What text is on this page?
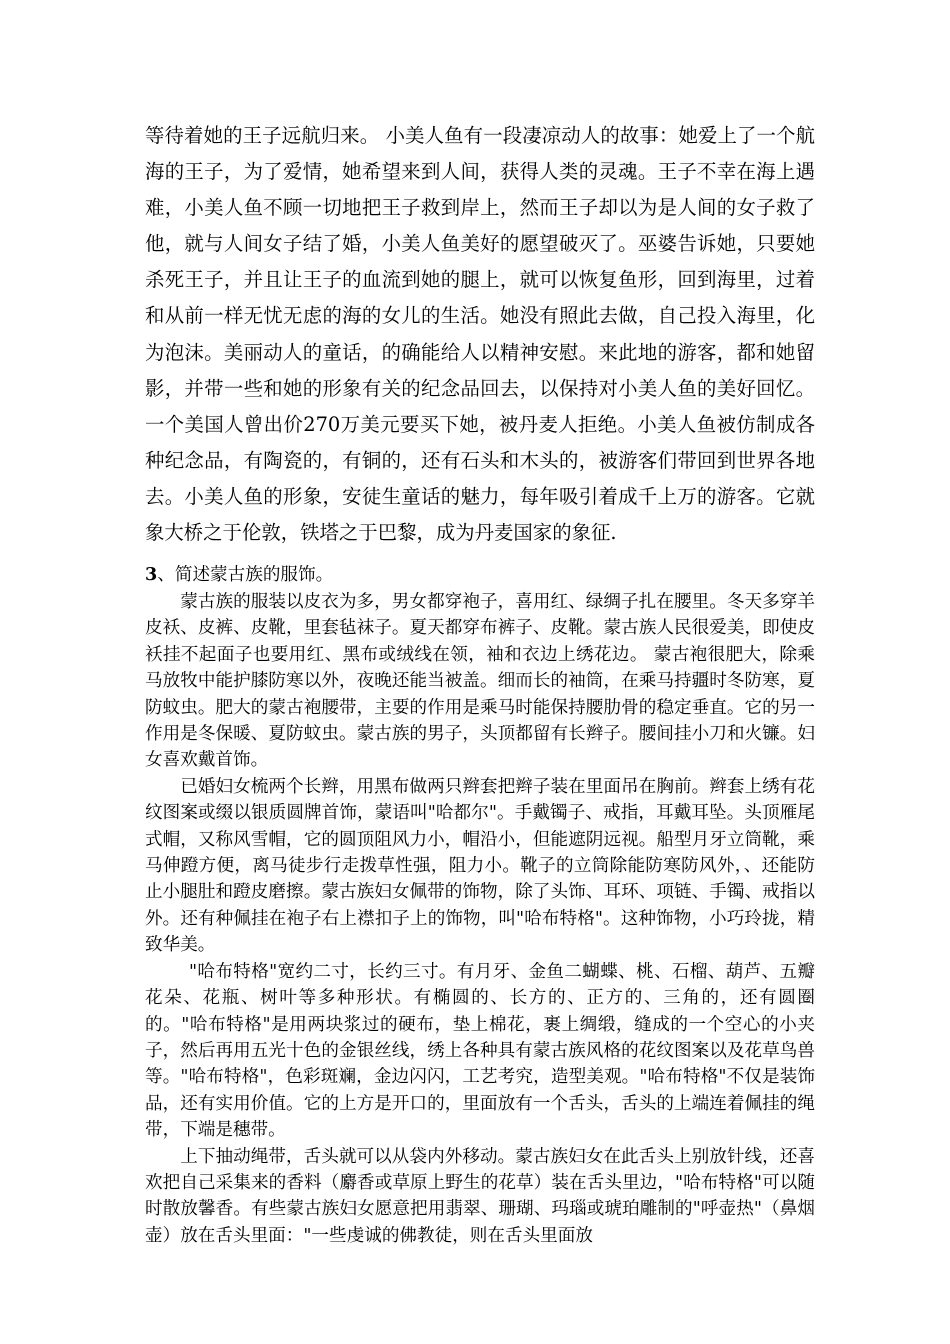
等待着她的王子远航归来。 小美人鱼有一段凄凉动人的故事：她爱上了一个航海的王子，为了爱情，她希望来到人间，获得人类的灵魂。王子不幸在海上遇难，小美人鱼不顾一切地把王子救到岸上，然而王子却以为是人间的女子救了他，就与人间女子结了婚，小美人鱼美好的愿望破灭了。巫婆告诉她，只要她杀死王子，并且让王子的血流到她的腿上，就可以恢复鱼形，回到海里，过着和从前一样无忧无虑的海的女儿的生活。她没有照此去做，自己投入海里，化为泡沫。美丽动人的童话，的确能给人以精神安慰。来此地的游客，都和她留影，并带一些和她的形象有关的纪念品回去，以保持对小美人鱼的美好回忆。一个美国人曾出价270万美元要买下她，被丹麦人拒绝。小美人鱼被仿制成各种纪念品，有陶瓷的，有铜的，还有石头和木头的，被游客们带回到世界各地去。小美人鱼的形象，安徒生童话的魅力，每年吸引着成千上万的游客。它就象大桥之于伦敦，铁塔之于巴黎，成为丹麦国家的象征.

3、简述蒙古族的服饰。

蒙古族的服装以皮衣为多，男女都穿袍子，喜用红、绿绸子扎在腰里。冬天多穿羊皮袄、皮裤、皮靴，里套毡袜子。夏天都穿布裤子、皮靴。蒙古族人民很爱美，即使皮袄挂不起面子也要用红、黑布或绒线在领，袖和衣边上绣花边。 蒙古袍很肥大，除乘马放牧中能护膝防寒以外，夜晚还能当被盖。细而长的袖筒，在乘马持疆时冬防寒，夏防蚊虫。肥大的蒙古袍腰带，主要的作用是乘马时能保持腰肋骨的稳定垂直。它的另一作用是冬保暖、夏防蚊虫。蒙古族的男子，头顶都留有长辫子。腰间挂小刀和火镰。妇女喜欢戴首饰。

已婚妇女梳两个长辫，用黑布做两只辫套把辫子装在里面吊在胸前。辫套上绣有花纹图案或缀以银质圆牌首饰，蒙语叫"哈都尔"。手戴镯子、戒指，耳戴耳坠。头顶雁尾式帽，又称风雪帽，它的圆顶阻风力小，帽沿小，但能遮阴远视。船型月牙立筒靴，乘马伸蹬方便，离马徒步行走拨草性强，阻力小。靴子的立筒除能防寒防风外，、还能防止小腿肚和蹬皮磨擦。蒙古族妇女佩带的饰物，除了头饰、耳环、项链、手镯、戒指以外。还有种佩挂在袍子右上襟扣子上的饰物，叫"哈布特格"。这种饰物，小巧玲拢，精致华美。

"哈布特格"宽约二寸，长约三寸。有月牙、金鱼二蝴蝶、桃、石榴、葫芦、五瓣花朵、花瓶、树叶等多种形状。有椭圆的、长方的、正方的、三角的，还有圆圈的。"哈布特格"是用两块浆过的硬布，垫上棉花，裹上绸缎，缝成的一个空心的小夹子，然后再用五光十色的金银丝线，绣上各种具有蒙古族风格的花纹图案以及花草鸟兽等。"哈布特格"，色彩斑斓，金边闪闪，工艺考究，造型美观。"哈布特格"不仅是装饰品，还有实用价值。它的上方是开口的，里面放有一个舌头，舌头的上端连着佩挂的绳带，下端是穗带。

上下抽动绳带，舌头就可以从袋内外移动。蒙古族妇女在此舌头上别放针线，还喜欢把自己采集来的香料（麝香或草原上野生的花草）装在舌头里边，"哈布特格"可以随时散放馨香。有些蒙古族妇女愿意把用翡翠、珊瑚、玛瑙或琥珀雕制的"呼壶热"（鼻烟壶）放在舌头里面："一些虔诚的佛教徒，则在舌头里面放
